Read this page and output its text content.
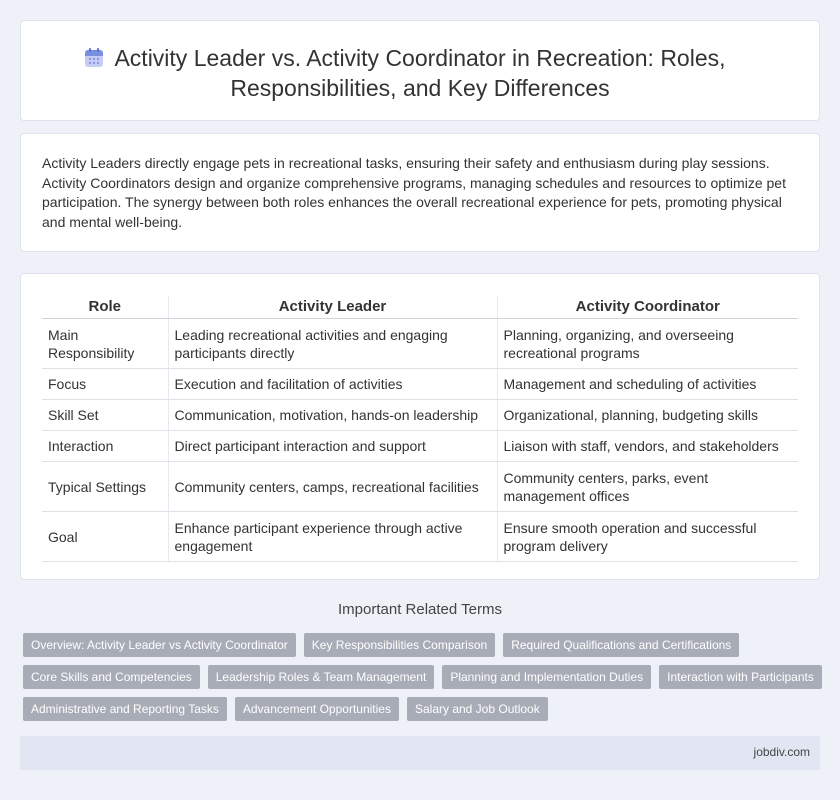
Activity Leader vs. Activity Coordinator in Recreation: Roles, Responsibilities, and Key Differences

Activity Leaders directly engage pets in recreational tasks, ensuring their safety and enthusiasm during play sessions. Activity Coordinators design and organize comprehensive programs, managing schedules and resources to optimize pet participation. The synergy between both roles enhances the overall recreational experience for pets, promoting physical and mental well-being.

Role	Activity Leader	Activity Coordinator
Main Responsibility	Leading recreational activities and engaging participants directly	Planning, organizing, and overseeing recreational programs
Focus	Execution and facilitation of activities	Management and scheduling of activities
Skill Set	Communication, motivation, hands-on leadership	Organizational, planning, budgeting skills
Interaction	Direct participant interaction and support	Liaison with staff, vendors, and stakeholders
Typical Settings	Community centers, camps, recreational facilities	Community centers, parks, event management offices
Goal	Enhance participant experience through active engagement	Ensure smooth operation and successful program delivery
Important Related Terms
Overview: Activity Leader vs Activity Coordinator	Key Responsibilities Comparison	Required Qualifications and Certifications
Core Skills and Competencies	Leadership Roles & Team Management	Planning and Implementation Duties	Interaction with Participants
Administrative and Reporting Tasks	Advancement Opportunities	Salary and Job Outlook
jobdiv.com
